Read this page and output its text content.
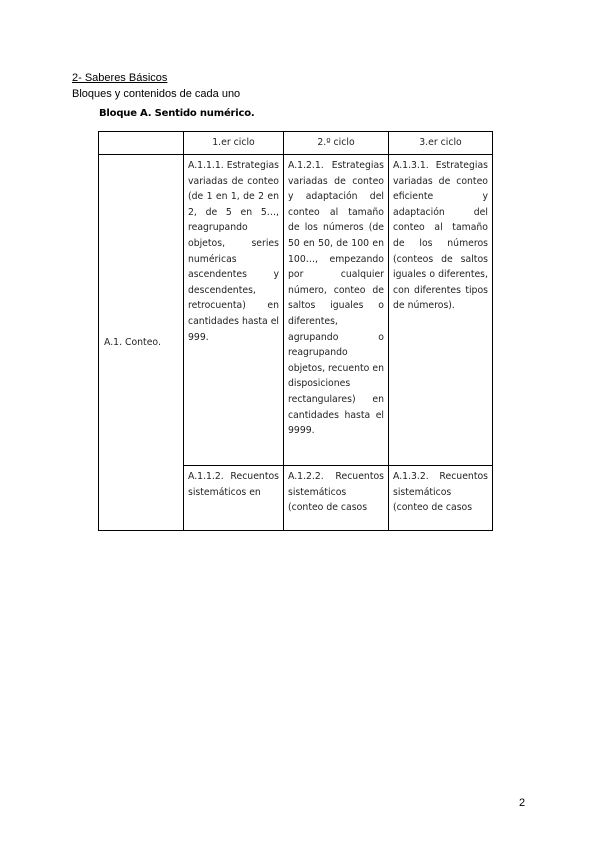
2- Saberes Básicos
Bloques y contenidos de cada uno
Bloque A. Sentido numérico.
	1.er ciclo	2.º ciclo	3.er ciclo
A.1. Conteo.	A.1.1.1. Estrategias variadas de conteo (de 1 en 1, de 2 en 2, de 5 en 5…, reagrupando objetos, series numéricas ascendentes y descendentes, retrocuenta) en cantidades hasta el 999.	A.1.2.1. Estrategias variadas de conteo y adaptación del conteo al tamaño de los números (de 50 en 50, de 100 en 100…, empezando por cualquier número, conteo de saltos iguales o diferentes, agrupando o reagrupando objetos, recuento en disposiciones rectangulares) en cantidades hasta el 9999.	A.1.3.1. Estrategias variadas de conteo eficiente y adaptación del conteo al tamaño de los números (conteos de saltos iguales o diferentes, con diferentes tipos de números).

	A.1.1.2. Recuentos sistemáticos en	A.1.2.2. Recuentos sistemáticos (conteo de casos	A.1.3.2. Recuentos sistemáticos (conteo de casos
2
